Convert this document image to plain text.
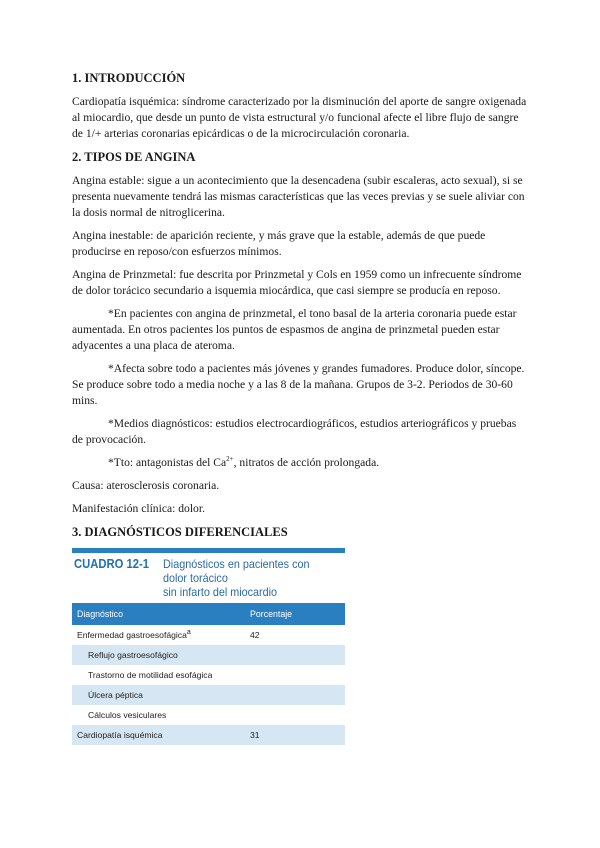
1. INTRODUCCIÓN

Cardiopatía isquémica: síndrome caracterizado por la disminución del aporte de sangre oxigenada al miocardio, que desde un punto de vista estructural y/o funcional afecte el libre flujo de sangre de 1/+ arterias coronarias epicárdicas o de la microcirculación coronaria.

2. TIPOS DE ANGINA

Angina estable: sigue a un acontecimiento que la desencadena (subir escaleras, acto sexual), si se presenta nuevamente tendrá las mismas características que las veces previas y se suele aliviar con la dosis normal de nitroglicerina.

Angina inestable: de aparición reciente, y más grave que la estable, además de que puede producirse en reposo/con esfuerzos mínimos.

Angina de Prinzmetal: fue descrita por Prinzmetal y Cols en 1959 como un infrecuente síndrome de dolor torácico secundario a isquemia miocárdica, que casi siempre se producía en reposo.

*En pacientes con angina de prinzmetal, el tono basal de la arteria coronaria puede estar aumentada. En otros pacientes los puntos de espasmos de angina de prinzmetal pueden estar adyacentes a una placa de ateroma.

*Afecta sobre todo a pacientes más jóvenes y grandes fumadores. Produce dolor, síncope. Se produce sobre todo a media noche y a las 8 de la mañana. Grupos de 3-2. Periodos de 30-60 mins.

*Medios diagnósticos: estudios electrocardiográficos, estudios arteriográficos y pruebas de provocación.

*Tto: antagonistas del $Ca^{2+}$, nitratos de acción prolongada.

Causa: aterosclerosis coronaria.

Manifestación clínica: dolor.

3. DIAGNÓSTICOS DIFERENCIALES
CUADRO 12-1 Diagnósticos en pacientes con dolor torácico
sin infarto del miocardio
Diagnóstico	Porcentaje
Enfermedad gastroesofágica$^a$	42
Reflujo gastroesofágico	
Trastorno de motilidad esofágica	
Úlcera péptica	
Cálculos vesiculares	
Cardiopatía isquémica	31
